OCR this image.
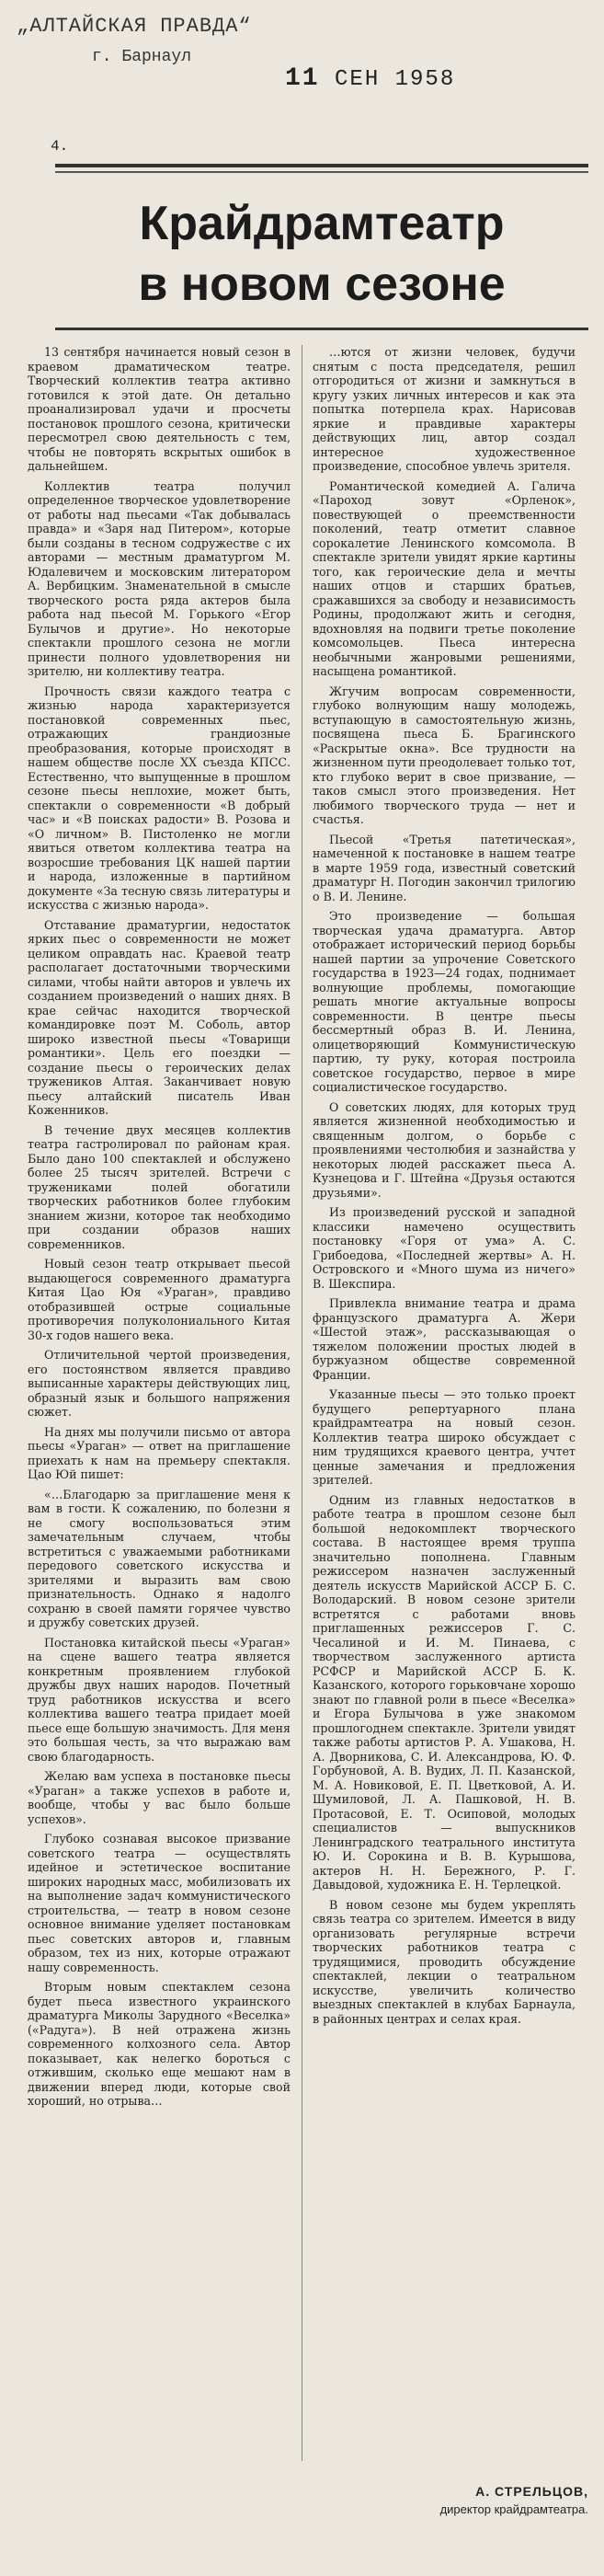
„АЛТАЙСКАЯ ПРАВДА“
г. Барнаул
11 СЕН 1958
4.
Крайдрамтеатр
в новом сезоне

13 сентября начинается новый сезон в краевом драматическом театре. Творческий коллектив театра активно готовился к этой дате. Он детально проанализировал удачи и просчеты постановок прошлого сезона, критически пересмотрел свою деятельность с тем, чтобы не повторять вскрытых ошибок в дальнейшем.

Коллектив театра получил определенное творческое удовлетворение от работы над пьесами «Так добывалась правда» и «Заря над Питером», которые были созданы в тесном содружестве с их авторами — местным драматургом М. Юдалевичем и московским литератором А. Вербицким. Знаменательной в смысле творческого роста ряда актеров была работа над пьесой М. Горького «Егор Булычов и другие». Но некоторые спектакли прошлого сезона не могли принести полного удовлетворения ни зрителю, ни коллективу театра.

Прочность связи каждого театра с жизнью народа характеризуется постановкой современных пьес, отражающих грандиозные преобразования, которые происходят в нашем обществе после XX съезда КПСС. Естественно, что выпущенные в прошлом сезоне пьесы неплохие, может быть, спектакли о современности «В добрый час» и «В поисках радости» В. Розова и «О личном» В. Пистоленко не могли явиться ответом коллектива театра на возросшие требования ЦК нашей партии и народа, изложенные в партийном документе «За тесную связь литературы и искусства с жизнью народа».

Отставание драматургии, недостаток ярких пьес о современности не может целиком оправдать нас. Краевой театр располагает достаточными творческими силами, чтобы найти авторов и увлечь их созданием произведений о наших днях. В крае сейчас находится творческой командировке поэт М. Соболь, автор широко известной пьесы «Товарищи романтики». Цель его поездки — создание пьесы о героических делах тружеников Алтая. Заканчивает новую пьесу алтайский писатель Иван Коженников.

В течение двух месяцев коллектив театра гастролировал по районам края. Было дано 100 спектаклей и обслужено более 25 тысяч зрителей. Встречи с тружениками полей обогатили творческих работников более глубоким знанием жизни, которое так необходимо при создании образов наших современников.

Новый сезон театр открывает пьесой выдающегося современного драматурга Китая Цао Юя «Ураган», правдиво отобразившей острые социальные противоречия полуколониального Китая 30-х годов нашего века.

Отличительной чертой произведения, его постоянством является правдиво выписанные характеры действующих лиц, образный язык и большого напряжения сюжет.

На днях мы получили письмо от автора пьесы «Ураган» — ответ на приглашение приехать к нам на премьеру спектакля. Цао Юй пишет:

«…Благодарю за приглашение меня к вам в гости. К сожалению, по болезни я не смогу воспользоваться этим замечательным случаем, чтобы встретиться с уважаемыми работниками передового советского искусства и зрителями и выразить вам свою признательность. Однако я надолго сохраню в своей памяти горячее чувство и дружбу советских друзей.

Постановка китайской пьесы «Ураган» на сцене вашего театра является конкретным проявлением глубокой дружбы двух наших народов. Почетный труд работников искусства и всего коллектива вашего театра придает моей пьесе еще большую значимость. Для меня это большая честь, за что выражаю вам свою благодарность.

Желаю вам успеха в постановке пьесы «Ураган» а также успехов в работе и, вообще, чтобы у вас было больше успехов».

Глубоко сознавая высокое призвание советского театра — осуществлять идейное и эстетическое воспитание широких народных масс, мобилизовать их на выполнение задач коммунистического строительства, — театр в новом сезоне основное внимание уделяет постановкам пьес советских авторов и, главным образом, тех из них, которые отражают нашу современность.

Вторым новым спектаклем сезона будет пьеса известного украинского драматурга Миколы Зарудного «Веселка» («Радуга»). В ней отражена жизнь современного колхозного села. Автор показывает, как нелегко бороться с отжившим, сколько еще мешают нам в движении вперед люди, которые свой хороший, но отрыва…

…ются от жизни человек, будучи снятым с поста председателя, решил отгородиться от жизни и замкнуться в кругу узких личных интересов и как эта попытка потерпела крах. Нарисовав яркие и правдивые характеры действующих лиц, автор создал интересное художественное произведение, способное увлечь зрителя.

Романтической комедией А. Галича «Пароход зовут «Орленок», повествующей о преемственности поколений, театр отметит славное сорокалетие Ленинского комсомола. В спектакле зрители увидят яркие картины того, как героические дела и мечты наших отцов и старших братьев, сражавшихся за свободу и независимость Родины, продолжают жить и сегодня, вдохновляя на подвиги третье поколение комсомольцев. Пьеса интересна необычными жанровыми решениями, насыщена романтикой.

Жгучим вопросам современности, глубоко волнующим нашу молодежь, вступающую в самостоятельную жизнь, посвящена пьеса Б. Брагинского «Раскрытые окна». Все трудности на жизненном пути преодолевает только тот, кто глубоко верит в свое призвание, — таков смысл этого произведения. Нет любимого творческого труда — нет и счастья.

Пьесой «Третья патетическая», намеченной к постановке в нашем театре в марте 1959 года, известный советский драматург Н. Погодин закончил трилогию о В. И. Ленине.

Это произведение — большая творческая удача драматурга. Автор отображает исторический период борьбы нашей партии за упрочение Советского государства в 1923—24 годах, поднимает волнующие проблемы, помогающие решать многие актуальные вопросы современности. В центре пьесы бессмертный образ В. И. Ленина, олицетворяющий Коммунистическую партию, ту руку, которая построила советское государство, первое в мире социалистическое государство.

О советских людях, для которых труд является жизненной необходимостью и священным долгом, о борьбе с проявлениями честолюбия и зазнайства у некоторых людей расскажет пьеса А. Кузнецова и Г. Штейна «Друзья остаются друзьями».

Из произведений русской и западной классики намечено осуществить постановку «Горя от ума» А. С. Грибоедова, «Последней жертвы» А. Н. Островского и «Много шума из ничего» В. Шекспира.

Привлекла внимание театра и драма французского драматурга А. Жери «Шестой этаж», рассказывающая о тяжелом положении простых людей в буржуазном обществе современной Франции.

Указанные пьесы — это только проект будущего репертуарного плана крайдрамтеатра на новый сезон. Коллектив театра широко обсуждает с ним трудящихся краевого центра, учтет ценные замечания и предложения зрителей.

Одним из главных недостатков в работе театра в прошлом сезоне был большой недокомплект творческого состава. В настоящее время труппа значительно пополнена. Главным режиссером назначен заслуженный деятель искусств Марийской АССР Б. С. Володарский. В новом сезоне зрители встретятся с работами вновь приглашенных режиссеров Г. С. Чесалиной и И. М. Пинаева, с творчеством заслуженного артиста РСФСР и Марийской АССР Б. К. Казанского, которого горьковчане хорошо знают по главной роли в пьесе «Веселка» и Егора Булычова в уже знакомом прошлогоднем спектакле. Зрители увидят также работы артистов Р. А. Ушакова, Н. А. Дворникова, С. И. Александрова, Ю. Ф. Горбуновой, А. В. Вудих, Л. П. Казанской, М. А. Новиковой, Е. П. Цветковой, А. И. Шумиловой, Л. А. Пашковой, Н. В. Протасовой, Е. Т. Осиповой, молодых специалистов — выпускников Ленинградского театрального института Ю. И. Сорокина и В. В. Курышова, актеров Н. Н. Бережного, Р. Г. Давыдовой, художника Е. Н. Терлецкой.

В новом сезоне мы будем укреплять связь театра со зрителем. Имеется в виду организовать регулярные встречи творческих работников театра с трудящимися, проводить обсуждение спектаклей, лекции о театральном искусстве, увеличить количество выездных спектаклей в клубах Барнаула, в районных центрах и селах края.

А. СТРЕЛЬЦОВ,
директор крайдрамтеатра.
